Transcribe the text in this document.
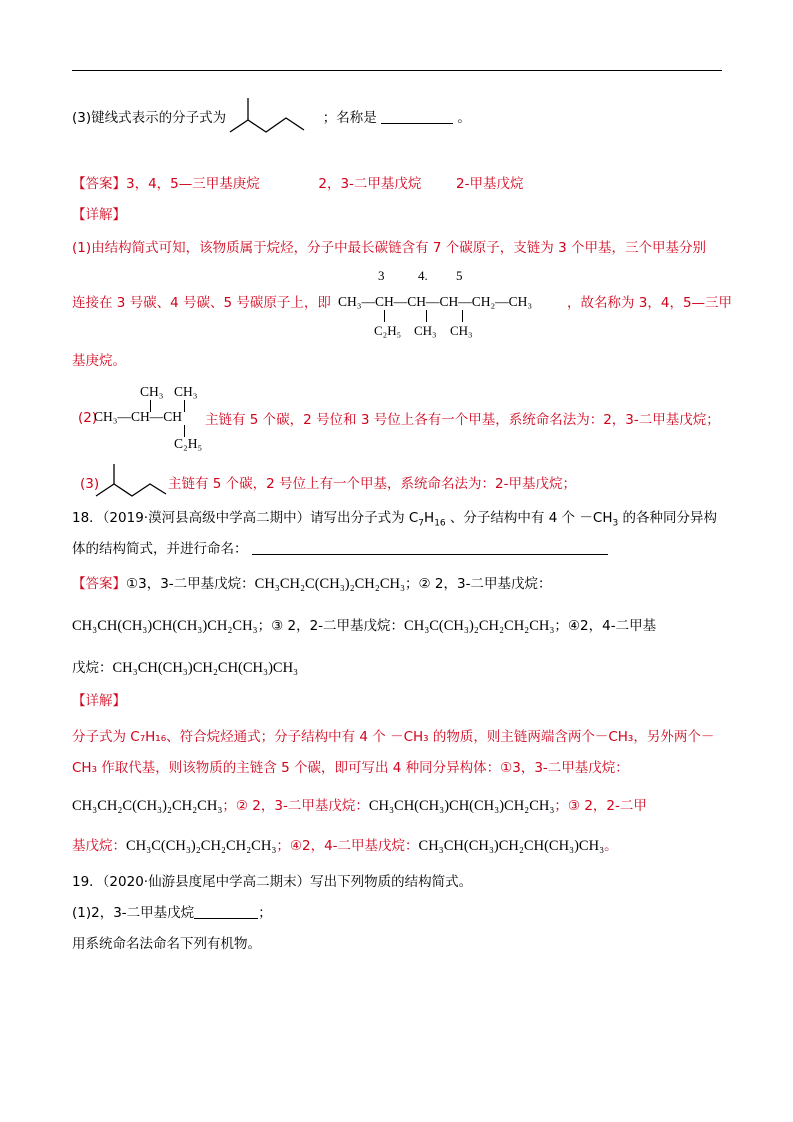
(3)键线式表示的分子式为	；名称是	。
【答案】3，4，5—三甲基庚烷	2，3-二甲基戊烷	2-甲基戊烷
【详解】
(1)由结构简式可知，该物质属于烷烃，分子中最长碳链含有 7 个碳原子，支链为 3 个甲基，三个甲基分别
连接在 3 号碳、4 号碳、5 号碳原子上，即	，故名称为 3，4，5—三甲
3	4. 5
CH₃—CH—CH—CH—CH₂—CH₃
C₂H₅ CH₃ CH₃
基庚烷。
(2)
CH₃ CH₃
CH₃—CH—CH
C₂H₅
主链有 5 个碳，2 号位和 3 号位上各有一个甲基，系统命名法为：2，3-二甲基戊烷；
(3)	主链有 5 个碳，2 号位上有一个甲基，系统命名法为：2-甲基戊烷；
18．（2019·漠河县高级中学高二期中）请写出分子式为 $C_7H_{16}$ 、分子结构中有 4 个 $-CH_3$ 的各种同分异构
体的结构简式，并进行命名：
【答案】①3，3-二甲基戊烷：CH₃CH₂C(CH₃)₂CH₂CH₃；② 2，3-二甲基戊烷：
CH₃CH(CH₃)CH(CH₃)CH₂CH₃；③ 2，2-二甲基戊烷：CH₃C(CH₃)₂CH₂CH₂CH₃；④2，4-二甲基
戊烷：CH₃CH(CH₃)CH₂CH(CH₃)CH₃
【详解】
分子式为 C₇H₁₆、符合烷烃通式；分子结构中有 4 个 －CH₃ 的物质，则主链两端含两个－CH₃，另外两个－
CH₃ 作取代基，则该物质的主链含 5 个碳，即可写出 4 种同分异构体：①3，3-二甲基戊烷：
CH₃CH₂C(CH₃)₂CH₂CH₃；② 2，3-二甲基戊烷：CH₃CH(CH₃)CH(CH₃)CH₂CH₃；③ 2，2-二甲
基戊烷：CH₃C(CH₃)₂CH₂CH₂CH₃；④2，4-二甲基戊烷：CH₃CH(CH₃)CH₂CH(CH₃)CH₃。
19．（2020·仙游县度尾中学高二期末）写出下列物质的结构简式。
(1)2，3-二甲基戊烷	；
用系统命名法命名下列有机物。
